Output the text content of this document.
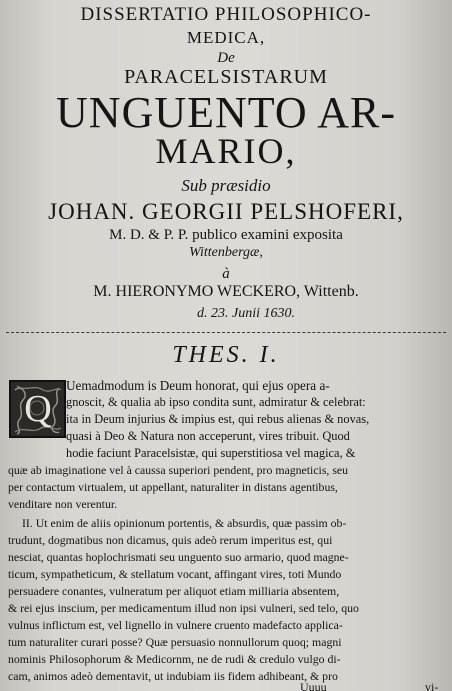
DISSERTATIO PHILOSOPHICO-
MEDICA,
De
PARACELSISTARUM
UNGUENTO AR-
MARIO,
Sub præsidio
JOHAN. GEORGII PELSHOFERI,
M. D. & P. P. publico examini exposita
Wittenbergæ,
à
M. HIERONYMO WECKERO, Wittenb.
d. 23. Junii 1630.
THES. I.
Q
Uemadmodum is Deum honorat, qui ejus opera a-
gnoscit, & qualia ab ipso condita sunt, admiratur & celebrat:
ita in Deum injurius & impius est, qui rebus alienas & novas,
quasi à Deo & Natura non acceperunt, vires tribuit. Quod
hodie faciunt Paracelsistæ, qui superstitiosa vel magica, &
quæ ab imaginatione vel à caussa superiori pendent, pro magneticis, seu
per contactum virtualem, ut appellant, naturaliter in distans agentibus,
venditare non verentur.
II. Ut enim de aliis opinionum portentis, & absurdis, quæ passim ob-
trudunt, dogmatibus non dicamus, quis adeò rerum imperitus est, qui
nesciat, quantas hoplochrismati seu unguento suo armario, quod magne-
ticum, sympatheticum, & stellatum vocant, affingant vires, toti Mundo
persuadere conantes, vulneratum per aliquot etiam milliaria absentem,
& rei ejus inscium, per medicamentum illud non ipsi vulneri, sed telo, quo
vulnus inflictum est, vel lignello in vulnere cruento madefacto applica-
tum naturaliter curari posse? Quæ persuasio nonnullorum quoq; magni
nominis Philosophorum & Medicornm, ne de rudi & credulo vulgo di-
cam, animos adeò dementavit, ut indubiam iis fidem adhibeant, & pro
Uuuu	vi-
